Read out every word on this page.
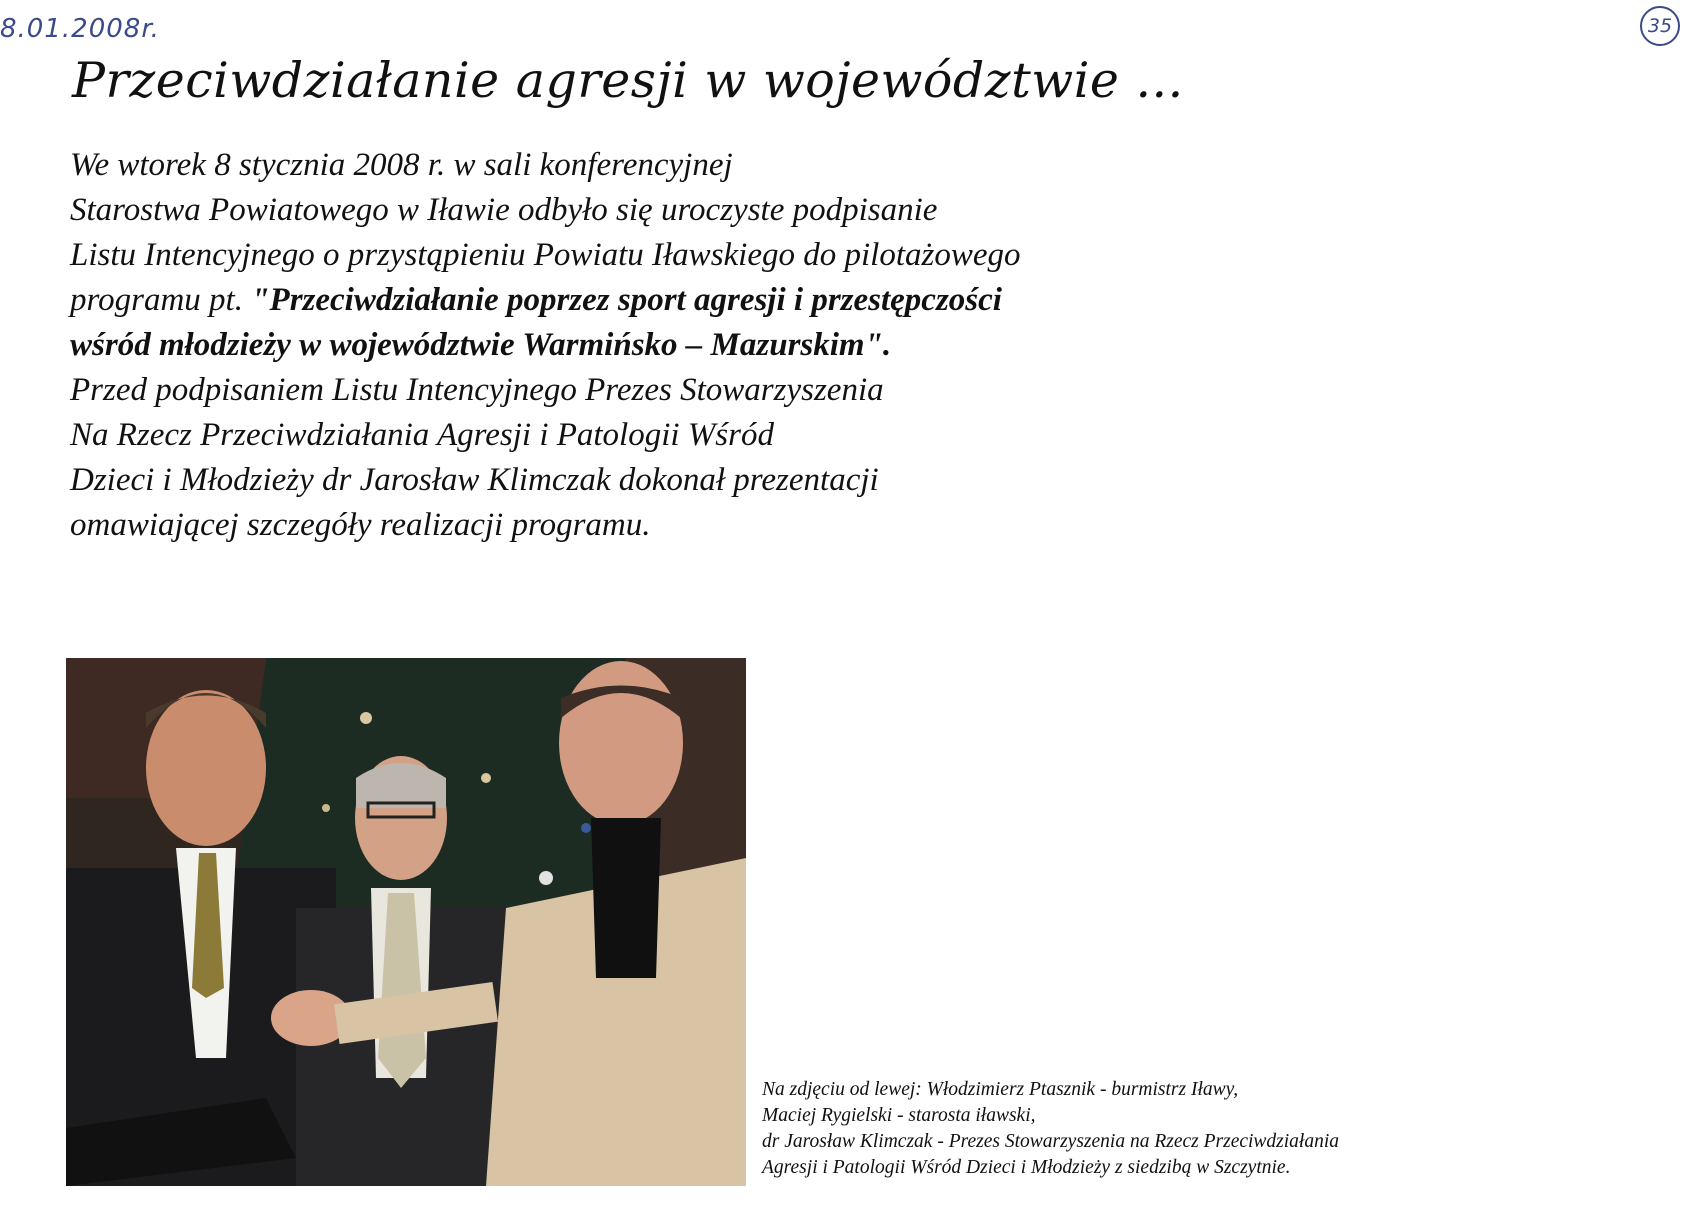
8.01.2008r.	35
Przeciwdziałanie agresji w województwie ...
We wtorek 8 stycznia 2008 r. w sali konferencyjnej
Starostwa Powiatowego w Iławie odbyło się uroczyste podpisanie
Listu Intencyjnego o przystąpieniu Powiatu Iławskiego do pilotażowego
programu pt. "Przeciwdziałanie poprzez sport agresji i przestępczości
wśród młodzieży w województwie Warmińsko – Mazurskim".
Przed podpisaniem Listu Intencyjnego Prezes Stowarzyszenia
Na Rzecz Przeciwdziałania Agresji i Patologii Wśród
Dzieci i Młodzieży dr Jarosław Klimczak dokonał prezentacji
omawiającej szczegóły realizacji programu.
Na zdjęciu od lewej: Włodzimierz Ptasznik - burmistrz Iławy,
Maciej Rygielski - starosta iławski,
dr Jarosław Klimczak - Prezes Stowarzyszenia na Rzecz Przeciwdziałania
Agresji i Patologii Wśród Dzieci i Młodzieży z siedzibą w Szczytnie.
